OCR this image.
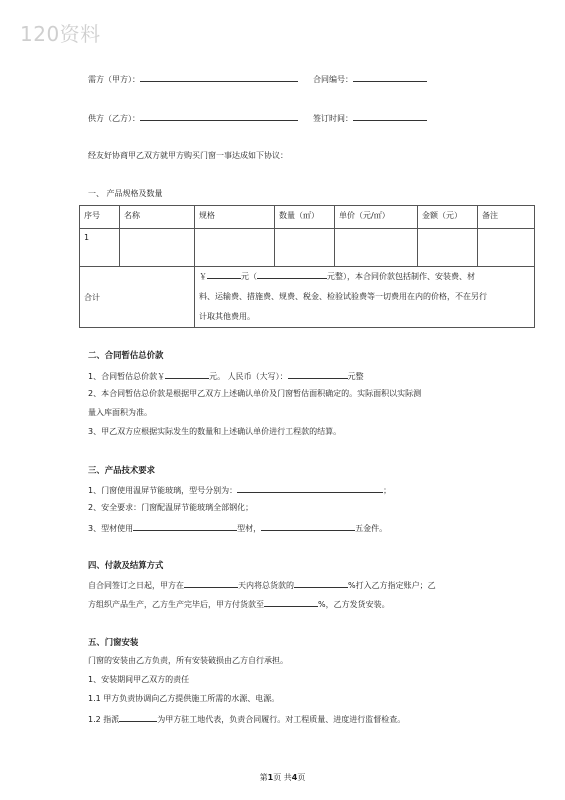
120资料
需方（甲方）：	合同编号：
供方（乙方）：	签订时间：
经友好协商甲乙双方就甲方购买门窗一事达成如下协议：
一、 产品规格及数量
序号	名称	规格	数量（㎡）	单价（元/㎡）	金额（元）	备注
1						
合计		￥ 元（ 元整），本合同价款包括制作、安装费、材
料、运输费、措施费、规费、税金、检验试验费等一切费用在内的价格，不在另行
计取其他费用。				
二、合同暂估总价款
1、合同暂估总价款￥	元。 人民币（大写）：	元整
2、本合同暂估总价款是根据甲乙双方上述确认单价及门窗暂估面积确定的。实际面积以实际测
量入库面积为准。
3、甲乙双方应根据实际发生的数量和上述确认单价进行工程款的结算。
三、产品技术要求
1、门窗使用温屏节能玻璃，型号分别为：	；
2、安全要求：门窗配温屏节能玻璃全部钢化；
3、型材使用	型材，	五金件。
四、付款及结算方式
自合同签订之日起，甲方在	天内将总货款的	%打入乙方指定账户；乙
方组织产品生产，乙方生产完毕后，甲方付货款至	%，乙方发货安装。
五、门窗安装
门窗的安装由乙方负责，所有安装破损由乙方自行承担。
1、安装期间甲乙双方的责任
1.1 甲方负责协调向乙方提供施工所需的水源、电源。
1.2 指派	为甲方驻工地代表，负责合同履行。对工程质量、进度进行监督检查。
第1页 共4页
